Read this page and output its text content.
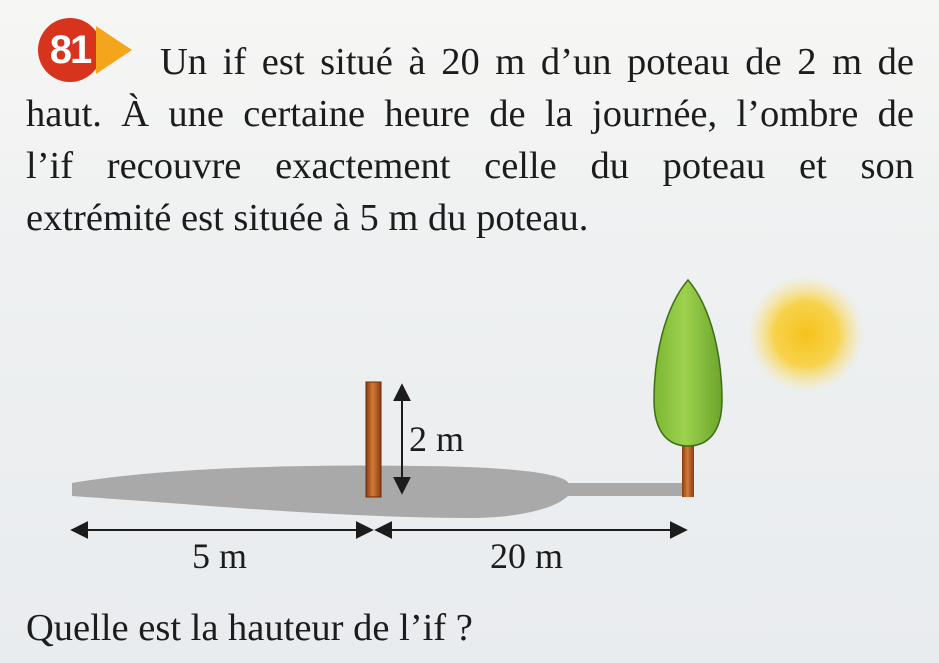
81	Un if est situé à 20 m d’un poteau de 2 m de
haut. À une certaine heure de la journée, l’ombre de
l’if recouvre exactement celle du poteau et son
extrémité est située à 5 m du poteau.

2 m
5 m	20 m

Quelle est la hauteur de l’if ?
